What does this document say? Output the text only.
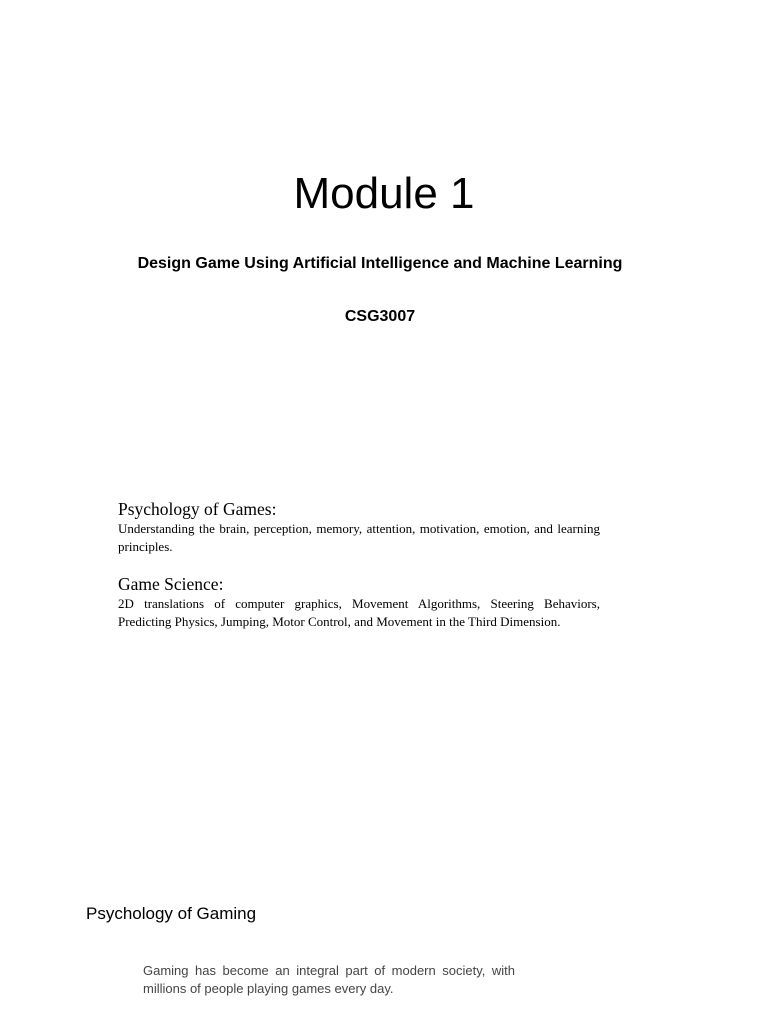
Module 1

Design Game Using Artificial Intelligence and Machine Learning

CSG3007

Psychology of Games:

Understanding the brain, perception, memory, attention, motivation, emotion, and learning principles.

Game Science:

2D translations of computer graphics, Movement Algorithms, Steering Behaviors, Predicting Physics, Jumping, Motor Control, and Movement in the Third Dimension.

Psychology of Gaming

Gaming has become an integral part of modern society, with millions of people playing games every day.
